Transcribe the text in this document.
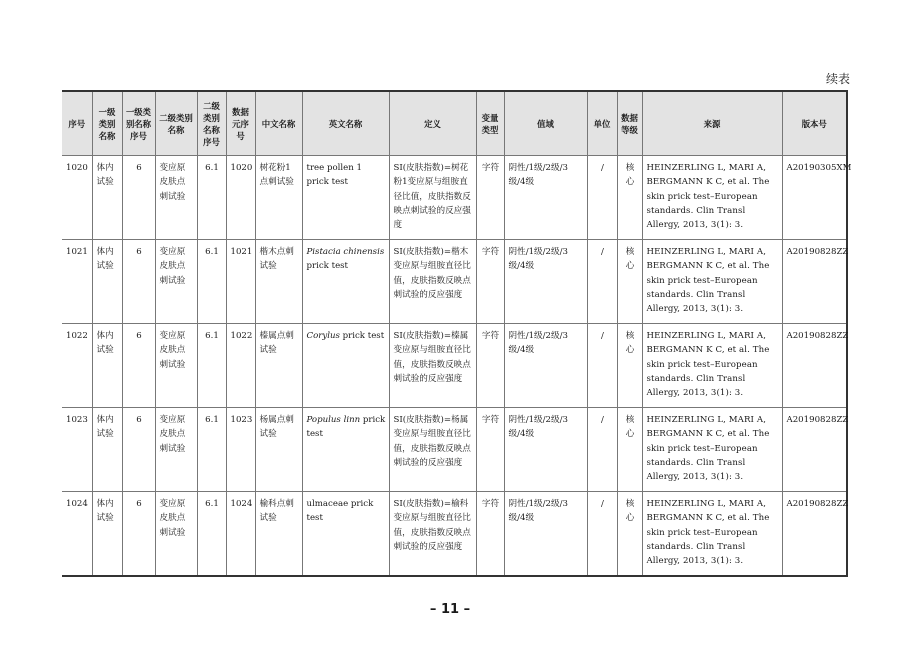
续表
序号	一级类别名称	一级类别名称序号	二级类别名称	二级类别名称序号	数据元序号	中文名称	英文名称	定义	变量类型	值域	单位	数据等级	来源	版本号
1020	体内试验	6	变应原皮肤点刺试验	6.1	1020	树花粉1点刺试验	tree pollen 1 prick test	SI(皮肤指数)=树花粉1变应原与组胺直径比值，皮肤指数反映点刺试验的反应强度	字符	阴性/1级/2级/3级/4级	/	核心	HEINZERLING L, MARI A, BERGMANN K C, et al. The skin prick test–European standards. Clin Transl Allergy, 2013, 3(1): 3.	A20190305XM
1021	体内试验	6	变应原皮肤点刺试验	6.1	1021	楷木点刺试验	Pistacia chinensis prick test	SI(皮肤指数)=楷木变应原与组胺直径比值，皮肤指数反映点刺试验的反应强度	字符	阴性/1级/2级/3级/4级	/	核心	HEINZERLING L, MARI A, BERGMANN K C, et al. The skin prick test–European standards. Clin Transl Allergy, 2013, 3(1): 3.	A20190828ZZ
1022	体内试验	6	变应原皮肤点刺试验	6.1	1022	榛属点刺试验	Corylus prick test	SI(皮肤指数)=榛属变应原与组胺直径比值，皮肤指数反映点刺试验的反应强度	字符	阴性/1级/2级/3级/4级	/	核心	HEINZERLING L, MARI A, BERGMANN K C, et al. The skin prick test–European standards. Clin Transl Allergy, 2013, 3(1): 3.	A20190828ZZ
1023	体内试验	6	变应原皮肤点刺试验	6.1	1023	杨属点刺试验	Populus linn prick test	SI(皮肤指数)=杨属变应原与组胺直径比值，皮肤指数反映点刺试验的反应强度	字符	阴性/1级/2级/3级/4级	/	核心	HEINZERLING L, MARI A, BERGMANN K C, et al. The skin prick test–European standards. Clin Transl Allergy, 2013, 3(1): 3.	A20190828ZZ
1024	体内试验	6	变应原皮肤点刺试验	6.1	1024	榆科点刺试验	ulmaceae prick test	SI(皮肤指数)=榆科变应原与组胺直径比值，皮肤指数反映点刺试验的反应强度	字符	阴性/1级/2级/3级/4级	/	核心	HEINZERLING L, MARI A, BERGMANN K C, et al. The skin prick test–European standards. Clin Transl Allergy, 2013, 3(1): 3.	A20190828ZZ
– 11 –
